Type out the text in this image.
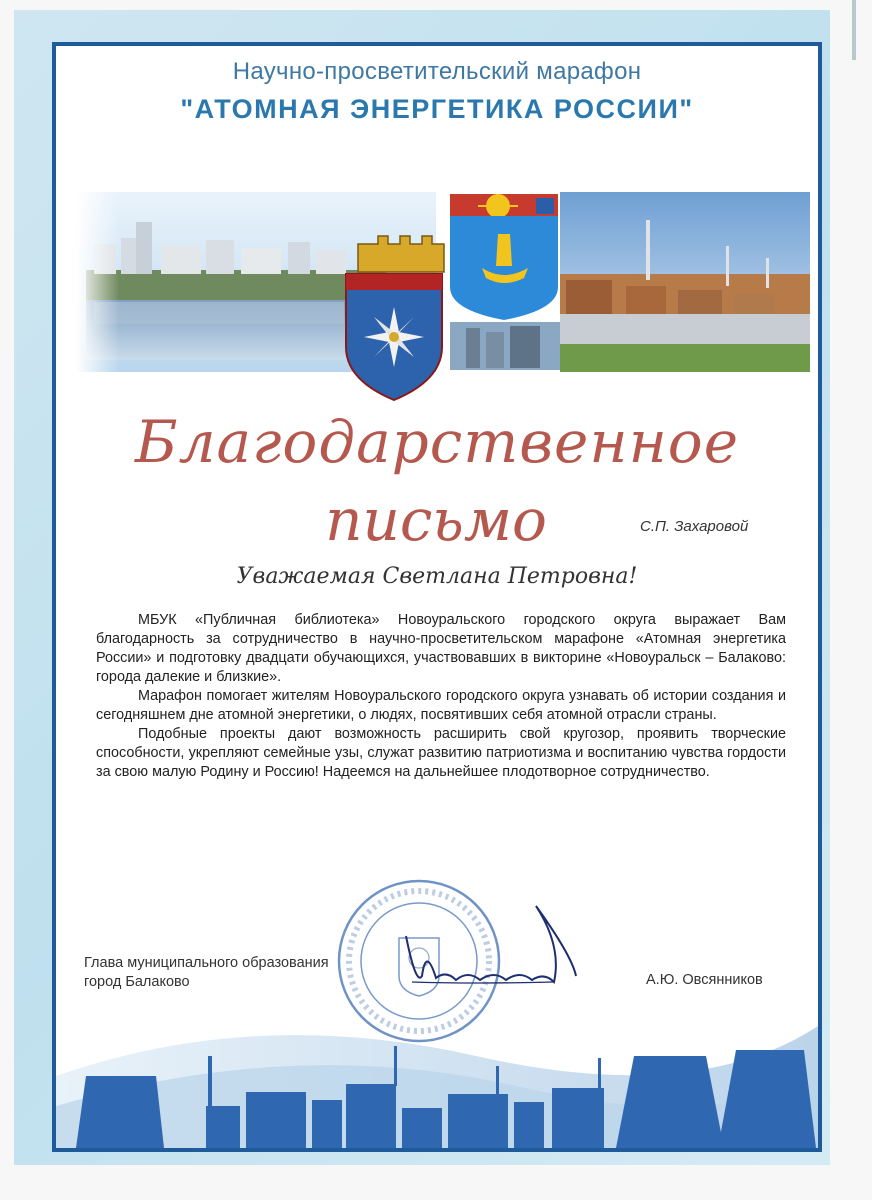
Научно-просветительский марафон
"АТОМНАЯ ЭНЕРГЕТИКА РОССИИ"
Благодарственное
письмо	С.П. Захаровой
Уважаемая Светлана Петровна!

МБУК «Публичная библиотека» Новоуральского городского округа выражает Вам благодарность за сотрудничество в научно-просветительском марафоне «Атомная энергетика России» и подготовку двадцати обучающихся, участвовавших в викторине «Новоуральск – Балаково: города далекие и близкие».

Марафон помогает жителям Новоуральского городского округа узнавать об истории создания и сегодняшнем дне атомной энергетики, о людях, посвятивших себя атомной отрасли страны.

Подобные проекты дают возможность расширить свой кругозор, проявить творческие способности, укрепляют семейные узы, служат развитию патриотизма и воспитанию чувства гордости за свою малую Родину и Россию! Надеемся на дальнейшее плодотворное сотрудничество.

Глава муниципального образования
город Балаково	А.Ю. Овсянников
